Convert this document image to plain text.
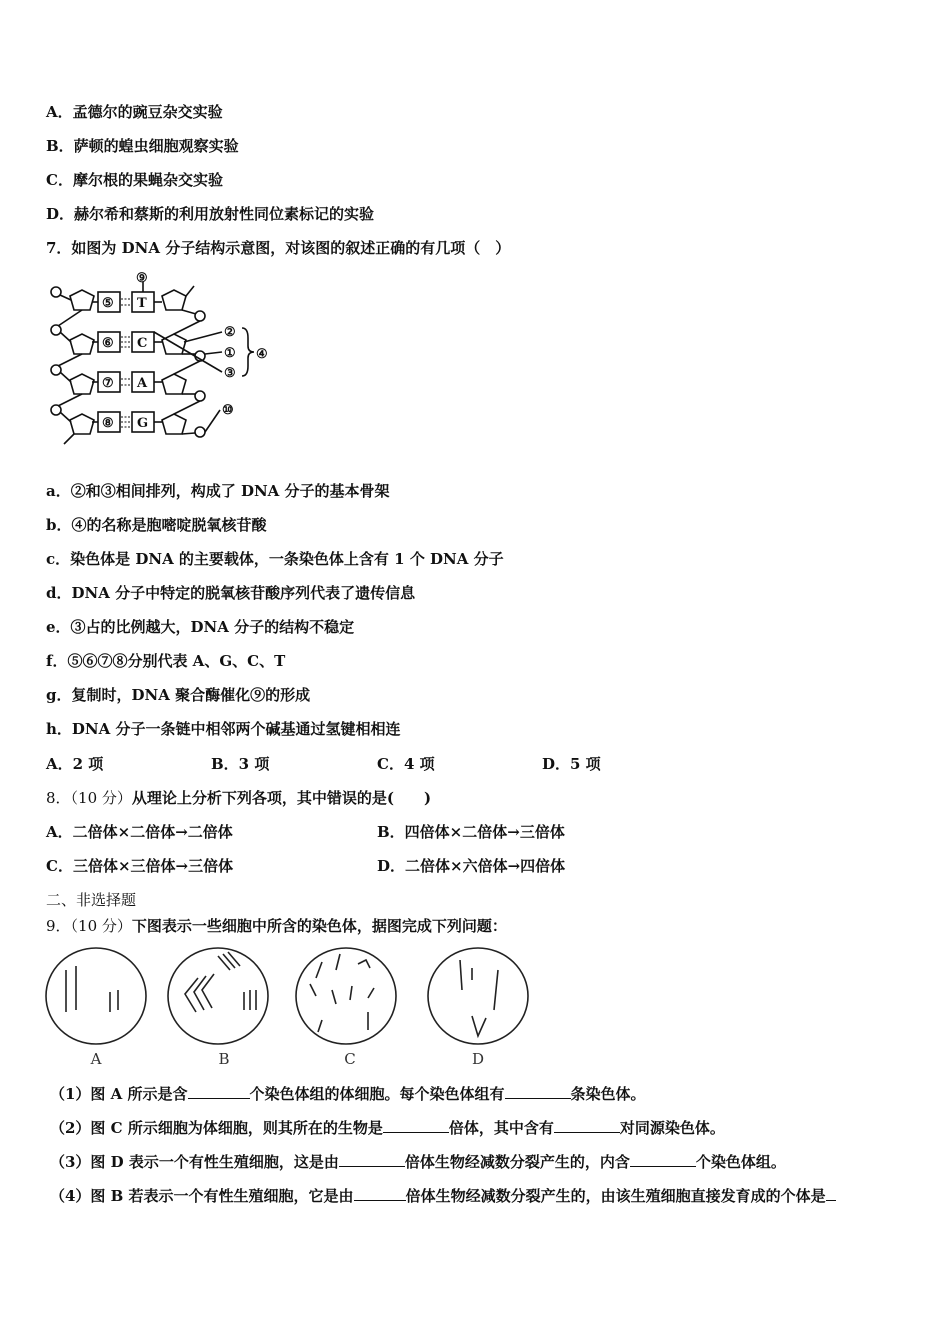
A．孟德尔的豌豆杂交实验
B．萨顿的蝗虫细胞观察实验
C．摩尔根的果蝇杂交实验
D．赫尔希和蔡斯的利用放射性同位素标记的实验
7．如图为 DNA 分子结构示意图，对该图的叙述正确的有几项（　）
⑨
⑤
⑥
⑦
⑧
T
C
A
G
②
①
③
④
⑩
a．②和③相间排列，构成了 DNA 分子的基本骨架
b．④的名称是胞嘧啶脱氧核苷酸
c．染色体是 DNA 的主要载体，一条染色体上含有 1 个 DNA 分子
d．DNA 分子中特定的脱氧核苷酸序列代表了遗传信息
e．③占的比例越大，DNA 分子的结构不稳定
f．⑤⑥⑦⑧分别代表 A、G、C、T
g．复制时，DNA 聚合酶催化⑨的形成
h．DNA 分子一条链中相邻两个碱基通过氢键相相连
A．2 项	B．3 项	C．4 项	D．5 项
8．（10 分）从理论上分析下列各项，其中错误的是(　　)
A．二倍体×二倍体→二倍体	B．四倍体×二倍体→三倍体
C．三倍体×三倍体→三倍体	D．二倍体×六倍体→四倍体
二、非选择题
9．（10 分）下图表示一些细胞中所含的染色体，据图完成下列问题：
A	B	C	D
（1）图 A 所示是含	个染色体组的体细胞。每个染色体组有	条染色体。
（2）图 C 所示细胞为体细胞，则其所在的生物是	倍体，其中含有	对同源染色体。
（3）图 D 表示一个有性生殖细胞，这是由	倍体生物经减数分裂产生的，内含	个染色体组。
（4）图 B 若表示一个有性生殖细胞，它是由	倍体生物经减数分裂产生的，由该生殖细胞直接发育成的个体是
